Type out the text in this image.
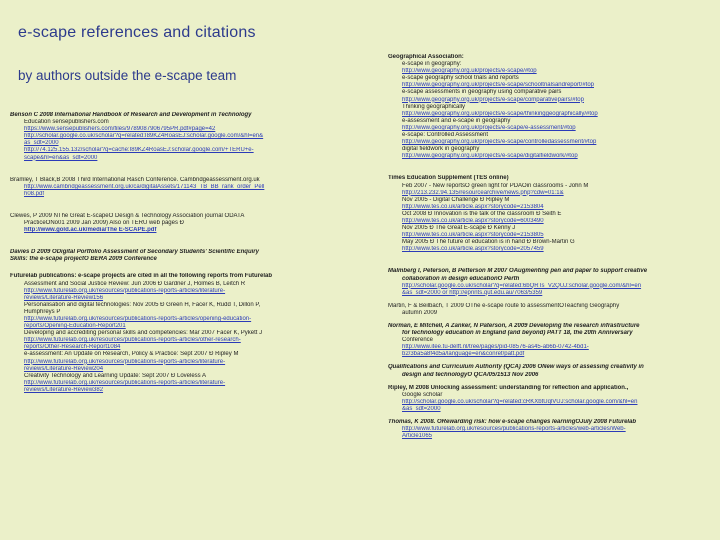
e-scape references and citations
by authors outside the e-scape team
Benson C 2008 International Handbook of Research and Development in Technology
Education sensepublishers.com
https://www.sensepublishers.com/files/9789087906795PR.pdf#page=42
http://scholar.google.co.uk/scholar?q=related:I89KZ4RoasEJ:scholar.google.com/&hl=en&
as_sdt=2000
http://74.125.155.132/scholar?q=cache:I89KZ4RoasEJ:scholar.google.com/+TERU+e-
scape&hl=en&as_sdt=2000
Bramley, T Black,B 2008 Third International Rasch Conference. Cambridgeassessment.org.uk
http://www.cambridgeassessment.org.uk/ca/digitalAssets/171143_TB_BB_rank_order_Pell
h08.pdf
Clewes, P 2009 ÑThe Great E-scapeÓ Design & Technology Association journal ÒDATA
PracticeÓNo01 2009 Jan 2009) Also on TERU web pages Ð
http://www.gold.ac.uk/media/The E-SCAPE.pdf
Davies D 2009 ÒDigital Portfolio Assessment of Secondary Students’ Scientific Enquiry
Skills: the e-scape projectÓ BERA 2009 Conference
Futurelab publications: e-scape projects are cited in all the following reports from Futurelab
Assessment and Social Justice Review: Jun 2006 Ð Gardner J, Holmes B, Leitch R
http://www.futurelab.org.uk/resources/publications-reports-articles/literature-
reviews/Literature-Review156
Personalisation and digital technologies: Nov 2005 Ð Green H, Facer K, Rudd T, Dillon P,
Humphreys P
http://www.futurelab.org.uk/resources/publications-reports-articles/opening-education-
reports/Opening-Education-Report201
Developing and accrediting personal skills and competencies: Mar 2007 Facer K, Pykett J
http://www.futurelab.org.uk/resources/publications-reports-articles/other-research-
reports/Other-Research-Report1084
e-assessment: An Update on Research, Policy & Practice: Sept 2007 Ð Ripley M
http://www.futurelab.org.uk/resources/publications-reports-articles/literature-
reviews/Literature-Review204
Creativity Technology and Learning Update: Sept 2007 Ð Loveless A
http://www.futurelab.org.uk/resources/publications-reports-articles/literature-
reviews/Literature-Review382
Geographical Association:
e-scape in geography:
http://www.geography.org.uk/projects/e-scape/#top
e-scape geography school trials and reports
http://www.geography.org.uk/projects/e-scape/schooltrialsandreport/#top
e-scape assessments in geography using comparative pairs
http://www.geography.org.uk/projects/e-scape/comparativepairs/#top
Thinking geographically
http://www.geography.org.uk/projects/e-scape/thinkinggeographically/#top
e-assessment and e-scape in geography
http://www.geography.org.uk/projects/e-scape/e-assessment/#top
e-scape: Controlled Assessment
http://www.geography.org.uk/projects/e-scape/controlledassessment/#top
digital fieldwork in geography
http://www.geography.org.uk/projects/e-scape/digitalfieldwork/#top
Times Education Supplement (TES online)
Feb 2007 - New reportsÕ green light for PDAÕin classrooms - John M
http://213.232.94.135/resourcearchive/news.php?cdw=01:1&
Nov 2005 - Digital Challenge Ð Ripley M
http://www.tes.co.uk/article.aspx?storycode=2153804
Oct 2008 Ð Innovation is the talk of the classroom Ð Seith E
http://www.tes.co.uk/article.aspx?storycode=6003490
Nov 2005 Ð The Great E-scape Ð Kenny J
http://www.tes.co.uk/article.aspx?storycode=2153805
May 2005 Ð The future of education is in hand Ð Brown-Martin G
http://www.tes.co.uk/article.aspx?storycode=2057459
Malmberg I, Peterson, B Petterson M 2007 ÒAugmenting pen and paper to support creative
collaboration in design educationÓ Perth
http://scholar.google.co.uk/scholar?q=related:6bQRTs_V2QUJ:scholar.google.com/&hl=en
&as_sdt=2000 or http://eprints.qut.edu.au/7063/5359
Martin, F & Beilbach, T 2009 ÒThe e-scape route to assessmentÓTeaching Geography
autumn 2009
Norman, E Mitchell, A Zanker, N Paterson, A 2009 Developing the research infrastructure
for technology education in England (and beyond) PATT 18, the 20th Anniversary
Conference
http://www.itee.tu-delft.nl/tree/pages/pid-08576-as45-ab6b-0742-4bd1-
b2/3ba5a8f4d5a/language=en&conref/patt.pdf
Qualifications and Curriculum Authority (QCA) 2006 ÒNew ways of assessing creativity in
design and technologyÓ QCA/05/1513 Nov 2006
Ripley, M 2008 Unlocking assessment: understanding for reflection and application.,
Google scholar
http://scholar.google.co.uk/scholar?q=related:cRKXbtUqlVUJ:scholar.google.com/&hl=en
&as_sdt=2000
Thomas, K 2008. ÒRewarding risk: how e-scape changes learningÓJuly 2008 Futurelab
http://www.futurelab.org.uk/resources/publications-reports-articles/web-articles/Web-
Article1065
